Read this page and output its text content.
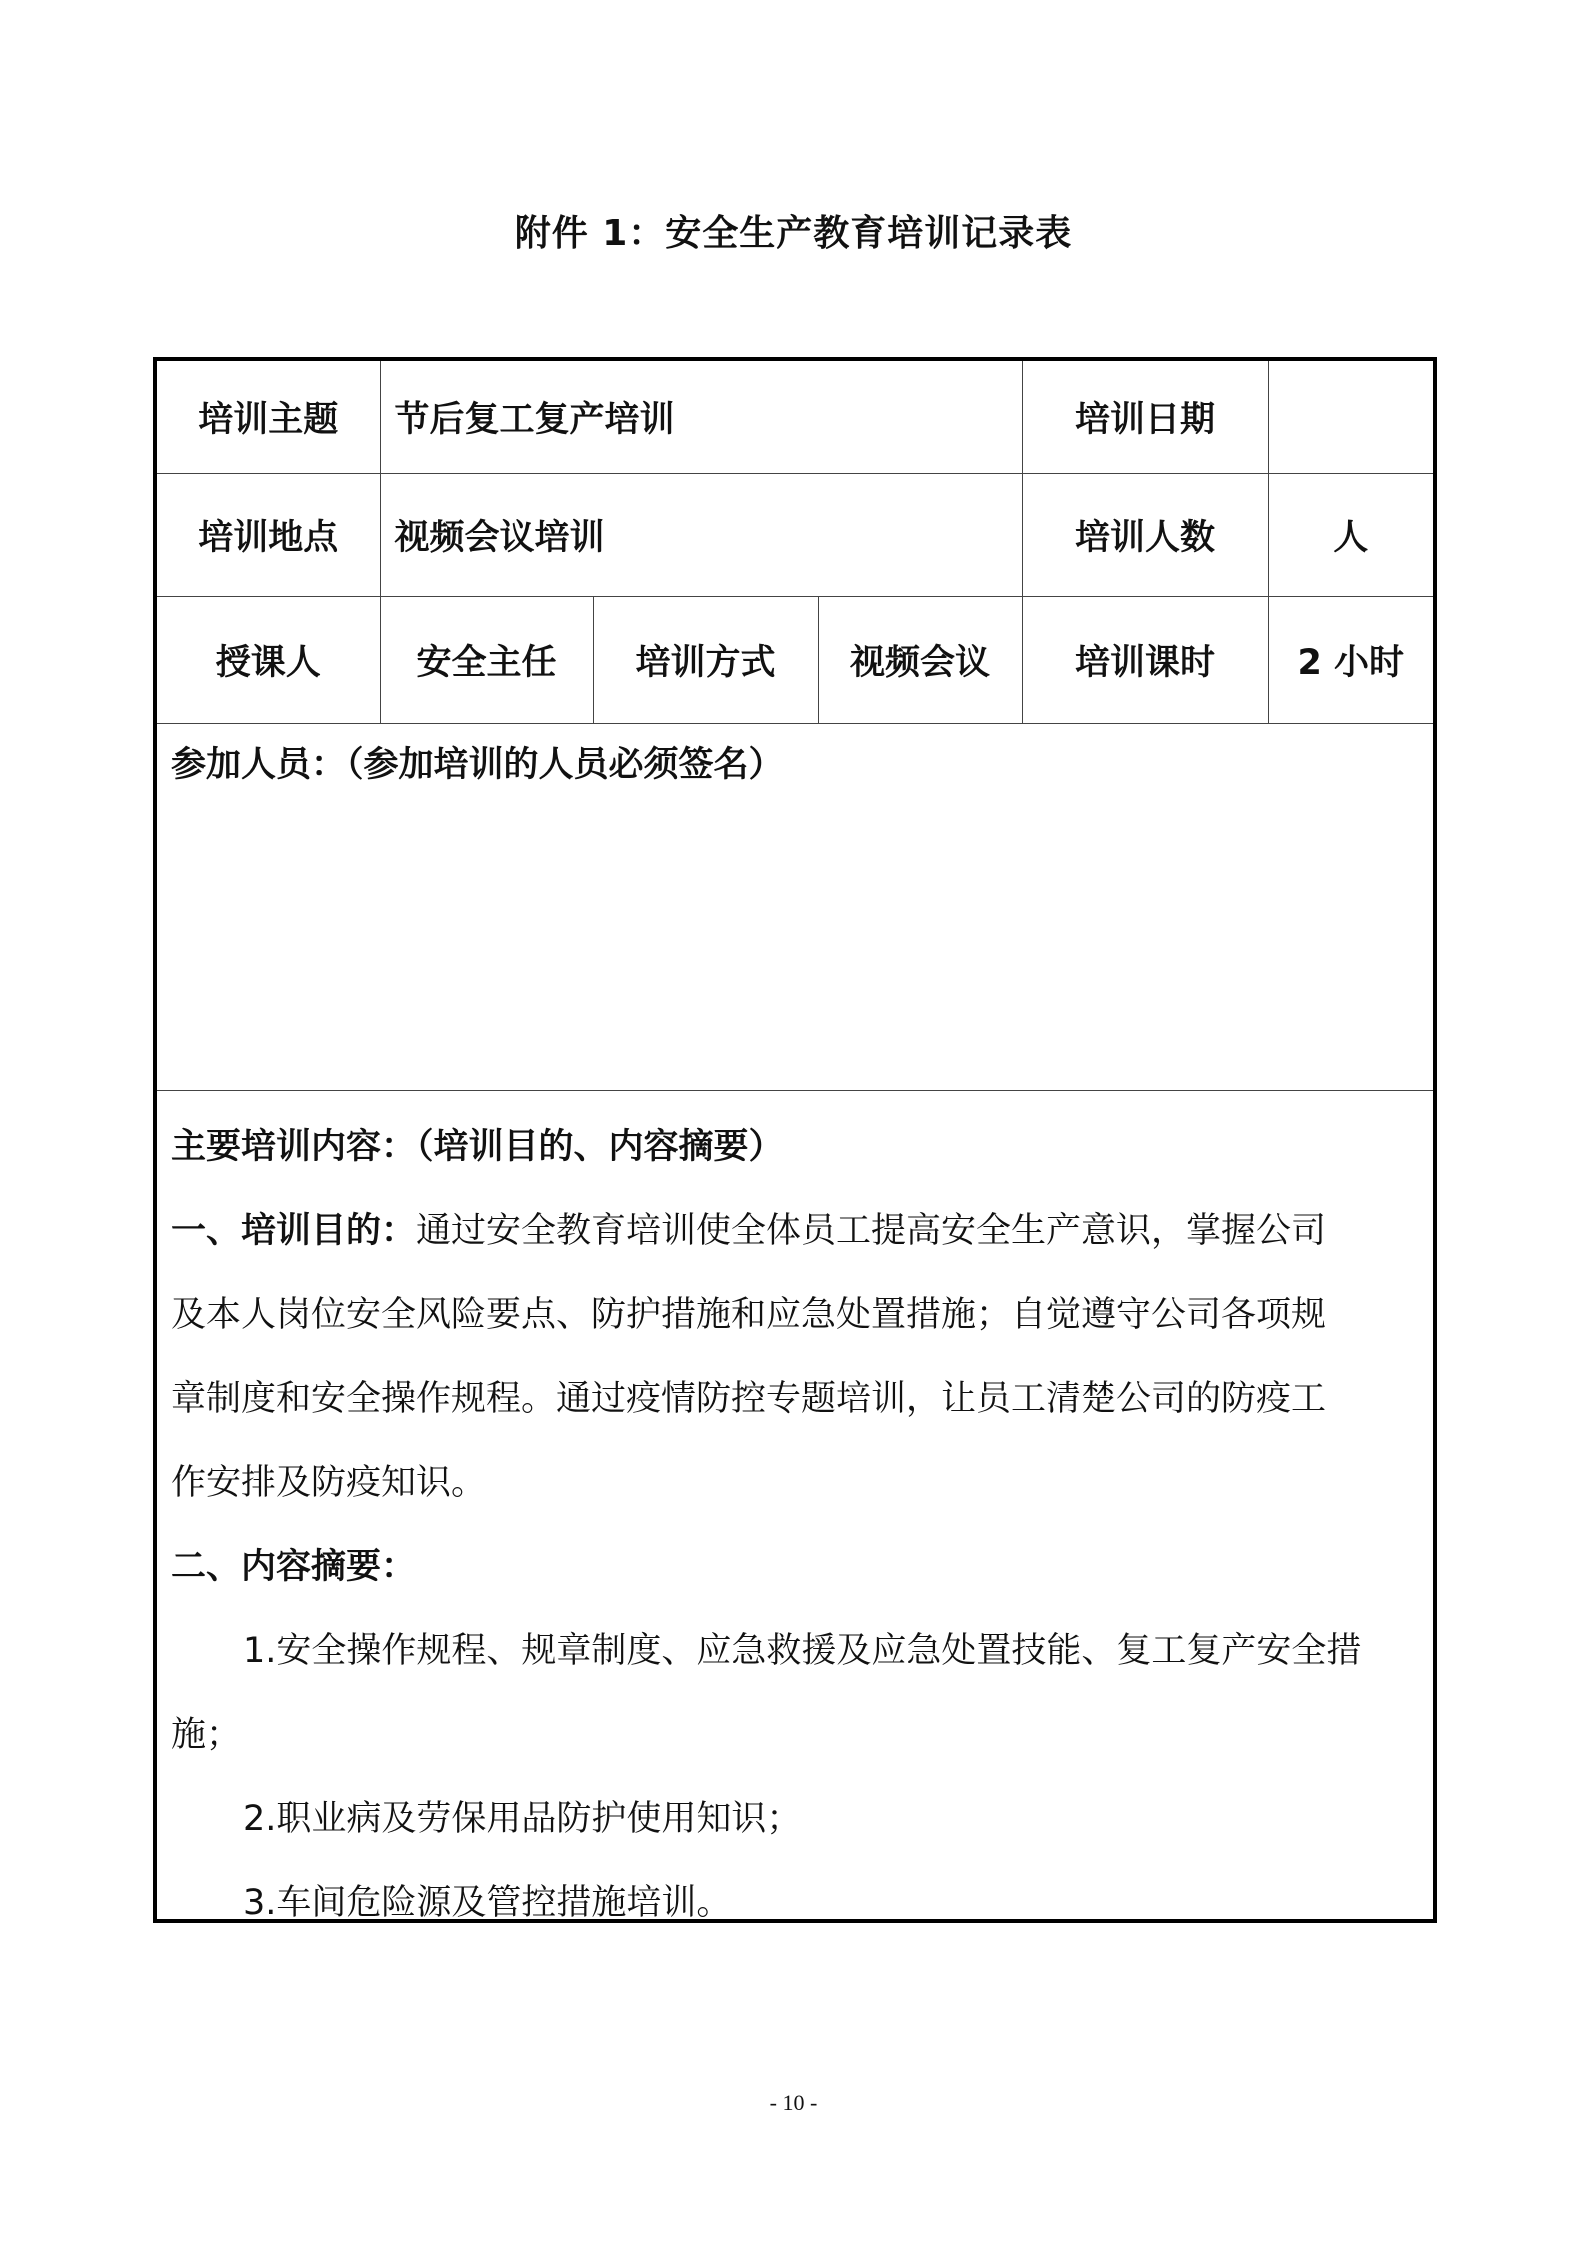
附件 1：安全生产教育培训记录表
培训主题	节后复工复产培训			培训日期	
培训地点	视频会议培训			培训人数	人
授课人	安全主任	培训方式	视频会议	培训课时	2 小时
参加人员：（参加培训的人员必须签名）

主要培训内容：（培训目的、内容摘要）

一、培训目的：通过安全教育培训使全体员工提高安全生产意识，掌握公司

及本人岗位安全风险要点、防护措施和应急处置措施；自觉遵守公司各项规

章制度和安全操作规程。通过疫情防控专题培训，让员工清楚公司的防疫工

作安排及防疫知识。

二、内容摘要：

1.安全操作规程、规章制度、应急救援及应急处置技能、复工复产安全措

施；

2.职业病及劳保用品防护使用知识；

3.车间危险源及管控措施培训。

- 10 -
